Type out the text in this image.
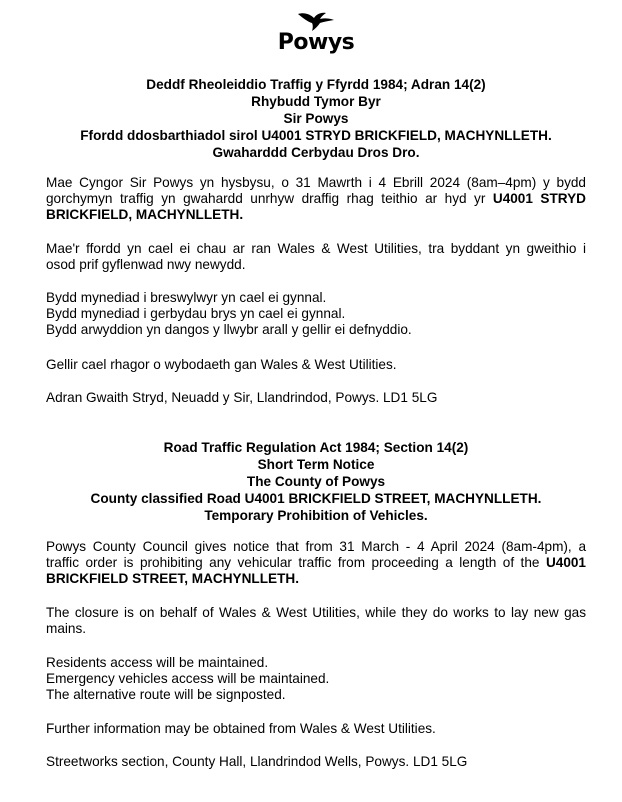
Powys
Deddf Rheoleiddio Traffig y Ffyrdd 1984; Adran 14(2)
Rhybudd Tymor Byr
Sir Powys
Ffordd ddosbarthiadol sirol U4001 STRYD BRICKFIELD, MACHYNLLETH.
Gwaharddd Cerbydau Dros Dro.
Mae Cyngor Sir Powys yn hysbysu, o 31 Mawrth i 4 Ebrill 2024 (8am–4pm) y bydd
gorchymyn traffig yn gwahardd unrhyw draffig rhag teithio ar hyd yr U4001 STRYD
BRICKFIELD, MACHYNLLETH.
Mae'r ffordd yn cael ei chau ar ran Wales & West Utilities, tra byddant yn gweithio i
osod prif gyflenwad nwy newydd.
Bydd mynediad i breswylwyr yn cael ei gynnal.
Bydd mynediad i gerbydau brys yn cael ei gynnal.
Bydd arwyddion yn dangos y llwybr arall y gellir ei defnyddio.
Gellir cael rhagor o wybodaeth gan Wales & West Utilities.
Adran Gwaith Stryd, Neuadd y Sir, Llandrindod, Powys. LD1 5LG
Road Traffic Regulation Act 1984; Section 14(2)
Short Term Notice
The County of Powys
County classified Road U4001 BRICKFIELD STREET, MACHYNLLETH.
Temporary Prohibition of Vehicles.
Powys County Council gives notice that from 31 March - 4 April 2024 (8am-4pm), a
traffic order is prohibiting any vehicular traffic from proceeding a length of the U4001
BRICKFIELD STREET, MACHYNLLETH.
The closure is on behalf of Wales & West Utilities, while they do works to lay new gas
mains.
Residents access will be maintained.
Emergency vehicles access will be maintained.
The alternative route will be signposted.
Further information may be obtained from Wales & West Utilities.
Streetworks section, County Hall, Llandrindod Wells, Powys. LD1 5LG
